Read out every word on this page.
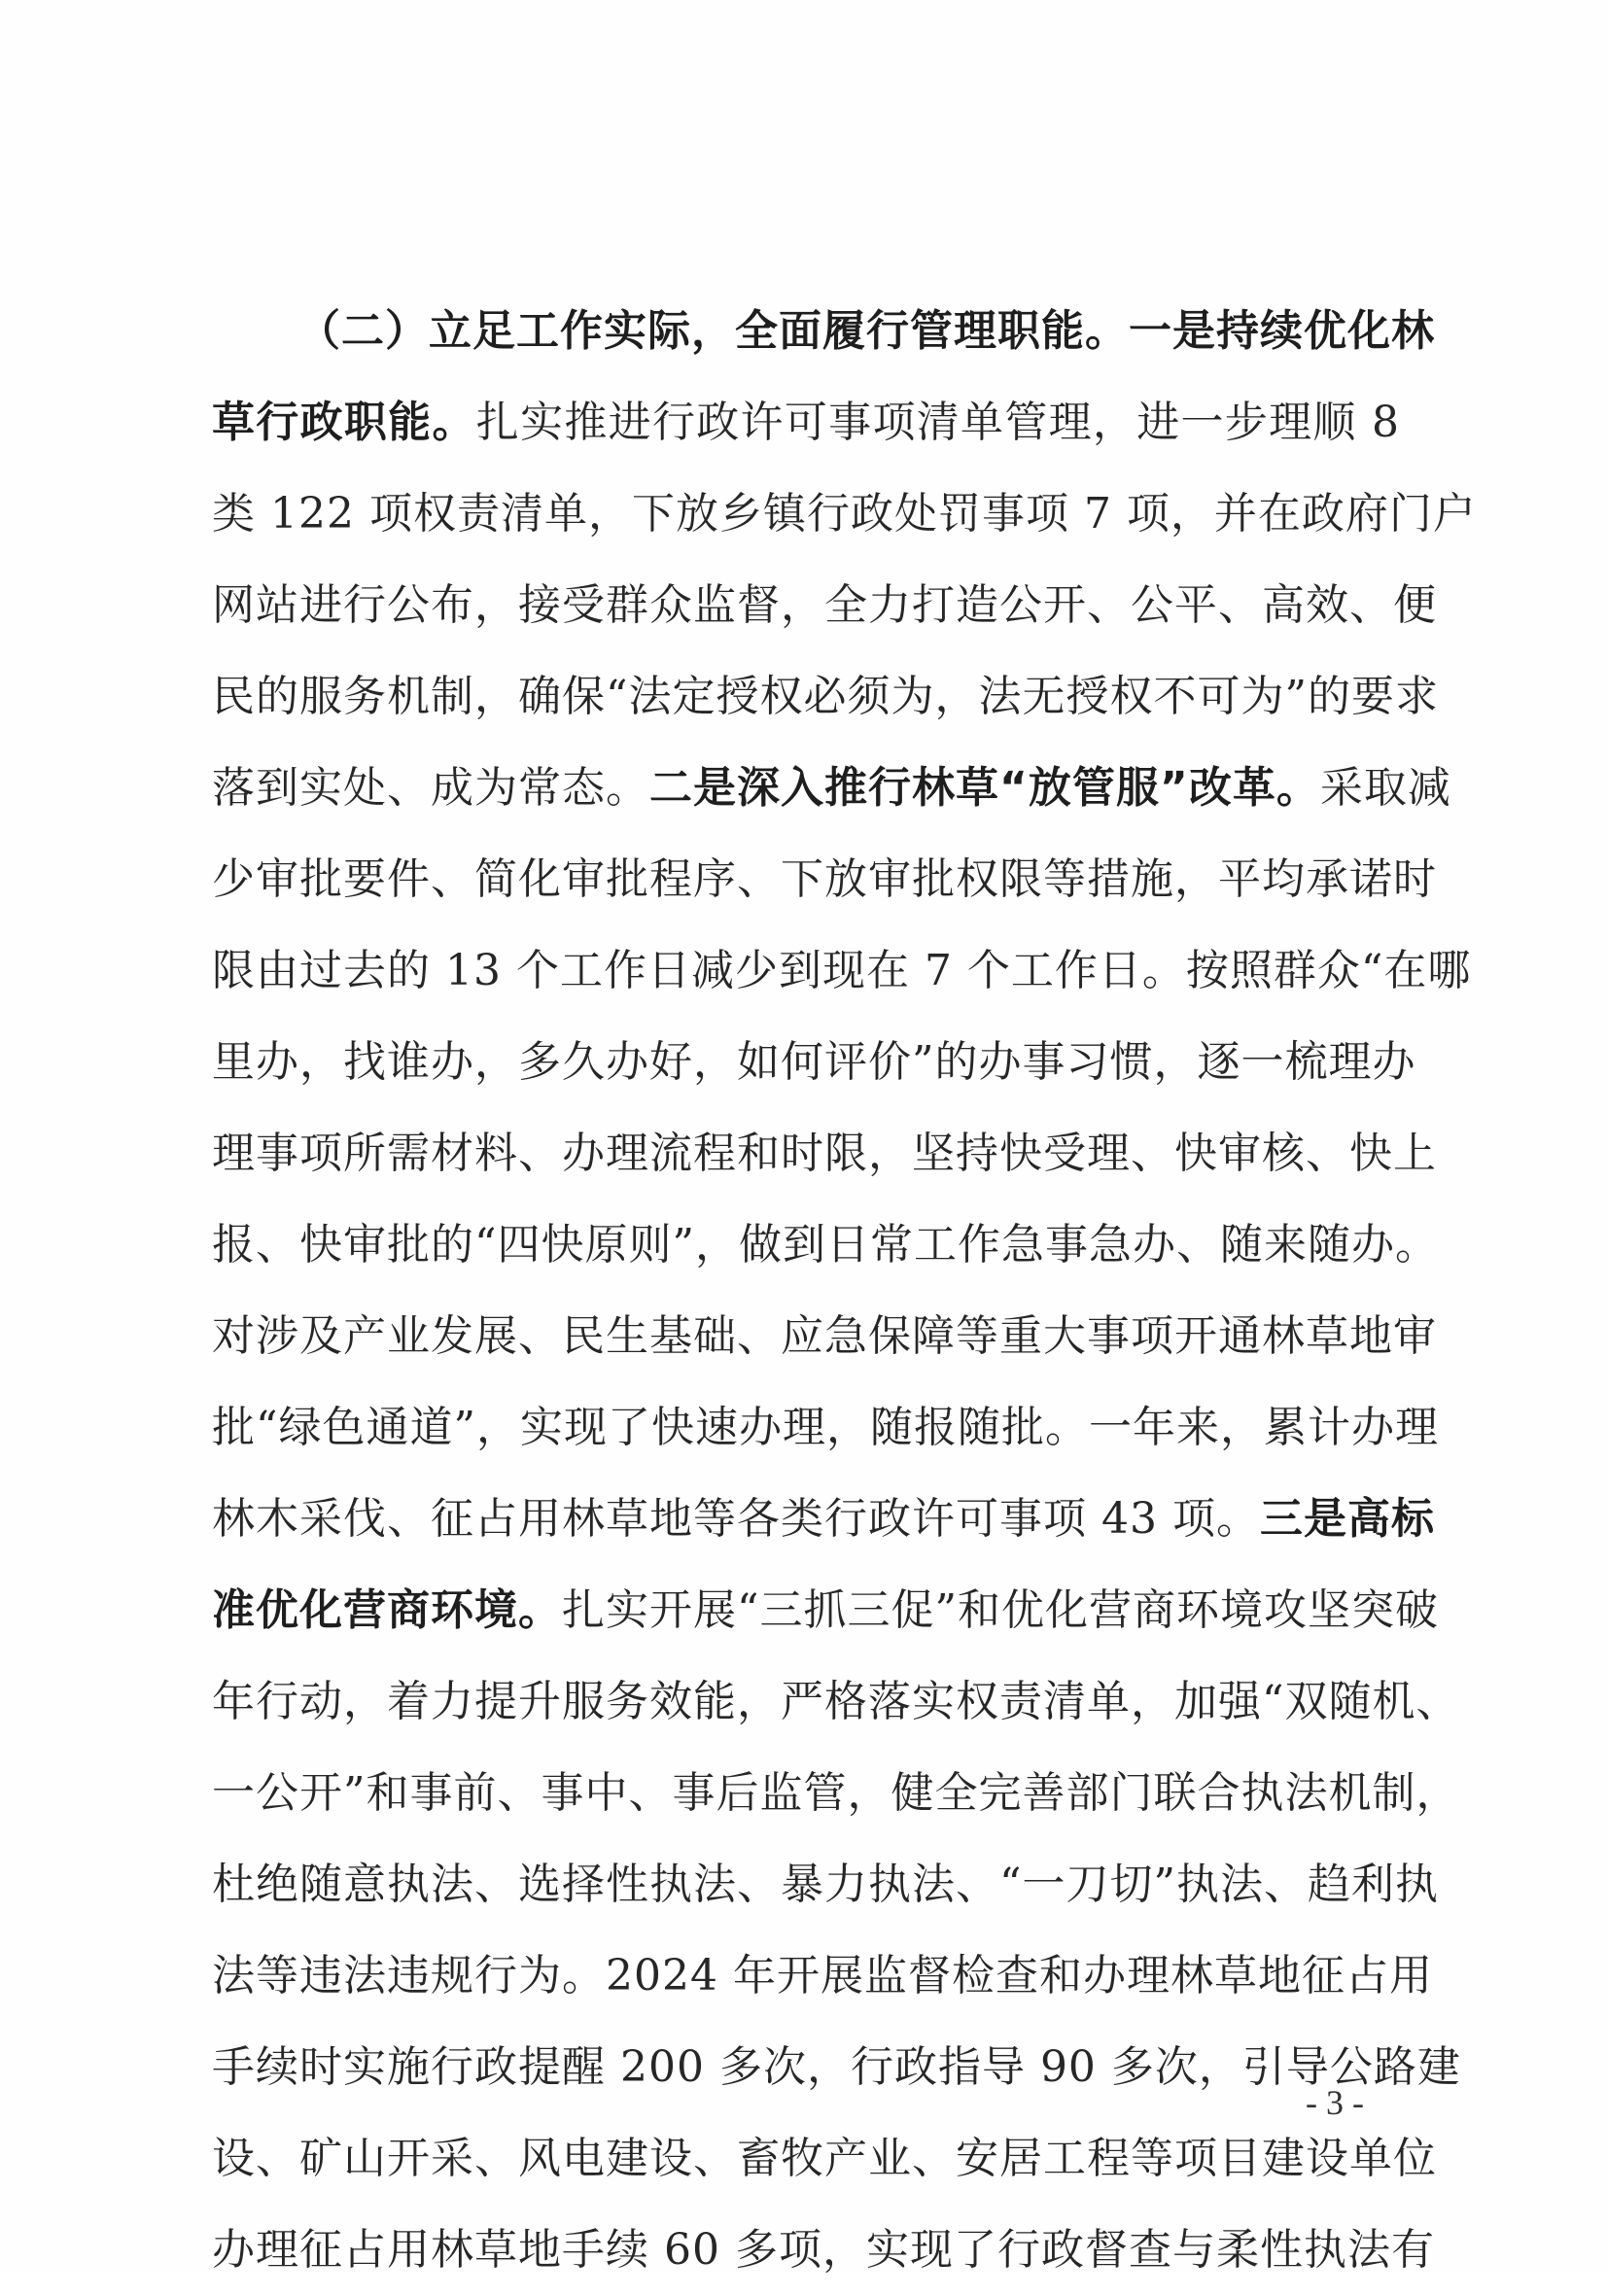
（二）立足工作实际，全面履行管理职能。一是持续优化林
草行政职能。扎实推进行政许可事项清单管理，进一步理顺 8
类 122 项权责清单，下放乡镇行政处罚事项 7 项，并在政府门户
网站进行公布，接受群众监督，全力打造公开、公平、高效、便
民的服务机制，确保“法定授权必须为，法无授权不可为”的要求
落到实处、成为常态。二是深入推行林草“放管服”改革。采取减
少审批要件、简化审批程序、下放审批权限等措施，平均承诺时
限由过去的 13 个工作日减少到现在 7 个工作日。按照群众“在哪
里办，找谁办，多久办好，如何评价”的办事习惯，逐一梳理办
理事项所需材料、办理流程和时限，坚持快受理、快审核、快上
报、快审批的“四快原则”，做到日常工作急事急办、随来随办。
对涉及产业发展、民生基础、应急保障等重大事项开通林草地审
批“绿色通道”，实现了快速办理，随报随批。一年来，累计办理
林木采伐、征占用林草地等各类行政许可事项 43 项。三是高标
准优化营商环境。扎实开展“三抓三促”和优化营商环境攻坚突破
年行动，着力提升服务效能，严格落实权责清单，加强“双随机、
一公开”和事前、事中、事后监管，健全完善部门联合执法机制，
杜绝随意执法、选择性执法、暴力执法、“一刀切”执法、趋利执
法等违法违规行为。2024 年开展监督检查和办理林草地征占用
手续时实施行政提醒 200 多次，行政指导 90 多次，引导公路建
设、矿山开采、风电建设、畜牧产业、安居工程等项目建设单位
办理征占用林草地手续 60 多项，实现了行政督查与柔性执法有
- 3 -
